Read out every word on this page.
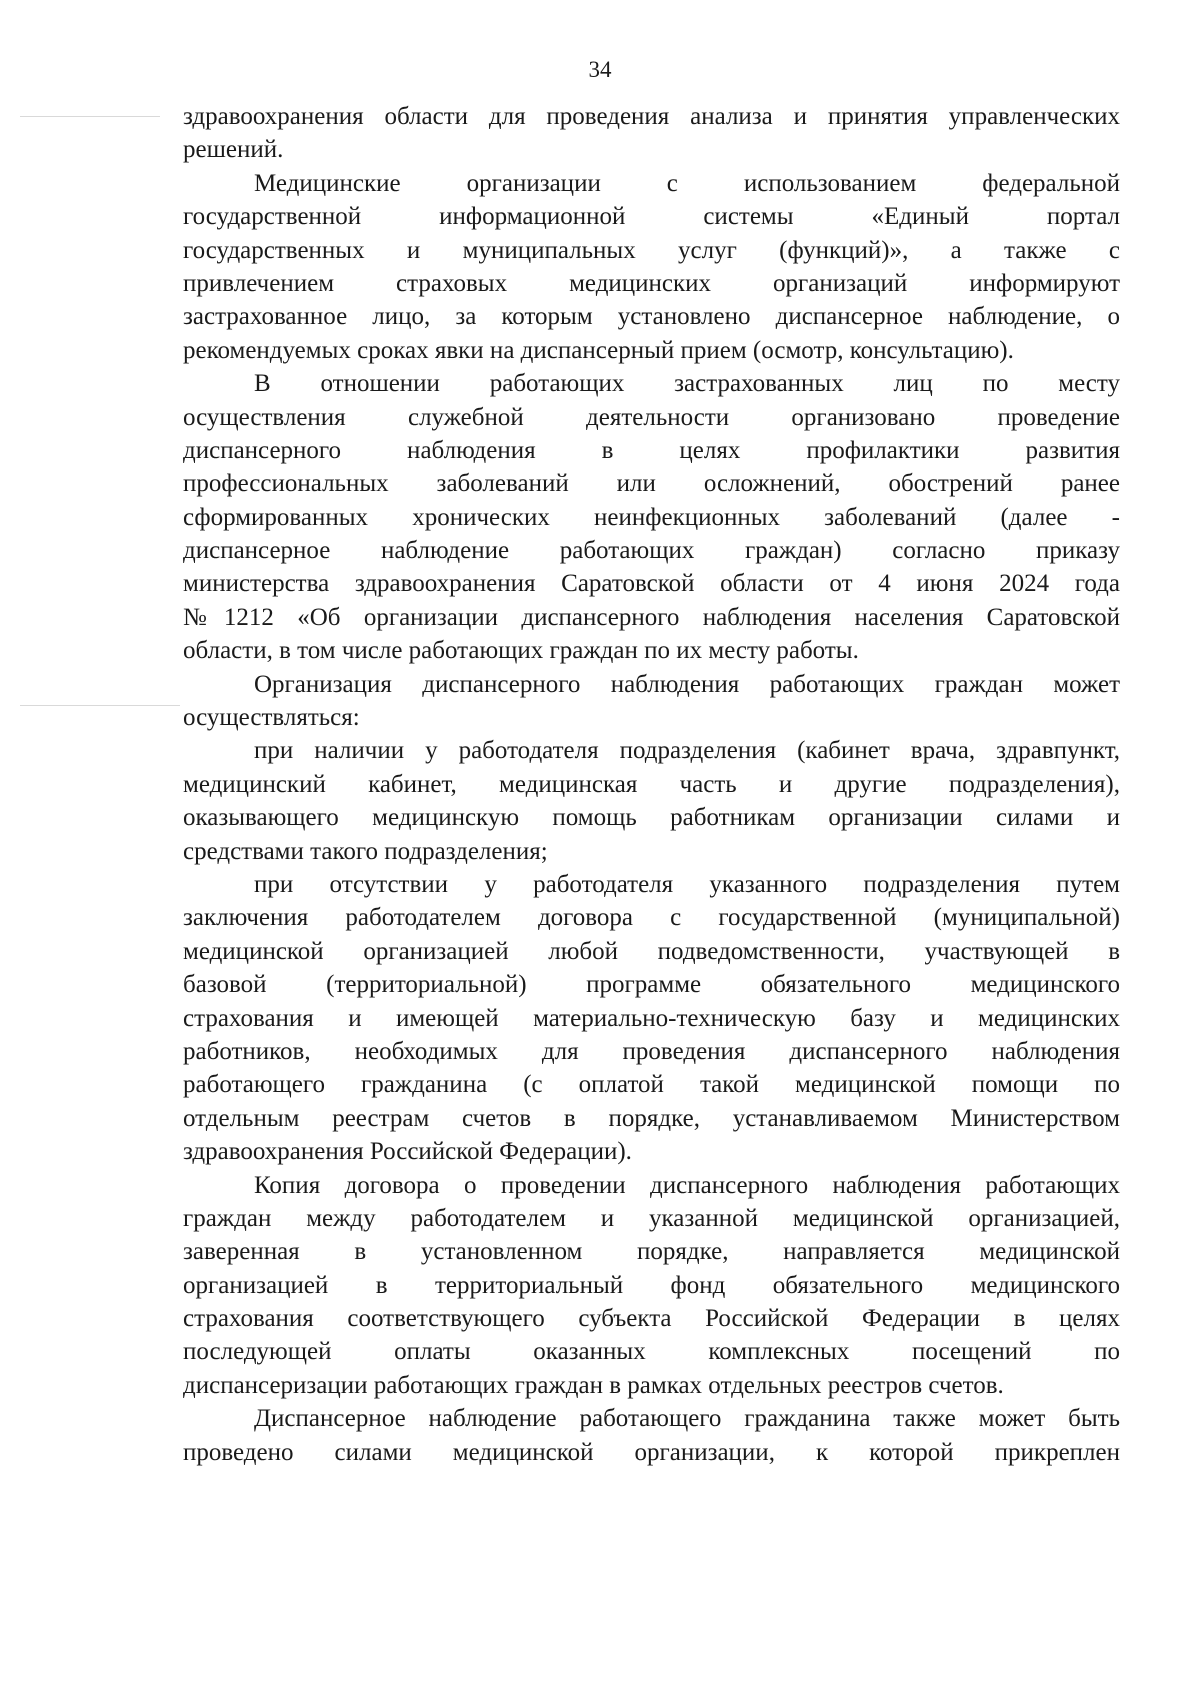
34
здравоохранения области для проведения анализа и принятия управленческих
решений.
Медицинские организации с использованием федеральной
государственной информационной системы «Единый портал
государственных и муниципальных услуг (функций)», а также с
привлечением страховых медицинских организаций информируют
застрахованное лицо, за которым установлено диспансерное наблюдение, о
рекомендуемых сроках явки на диспансерный прием (осмотр, консультацию).
В отношении работающих застрахованных лиц по месту
осуществления служебной деятельности организовано проведение
диспансерного наблюдения в целях профилактики развития
профессиональных заболеваний или осложнений, обострений ранее
сформированных хронических неинфекционных заболеваний (далее -
диспансерное наблюдение работающих граждан) согласно приказу
министерства здравоохранения Саратовской области от 4 июня 2024 года
№1212 «Об организации диспансерного наблюдения населения Саратовской
области, в том числе работающих граждан по их месту работы.
Организация диспансерного наблюдения работающих граждан может
осуществляться:
при наличии у работодателя подразделения (кабинет врача, здравпункт,
медицинский кабинет, медицинская часть и другие подразделения),
оказывающего медицинскую помощь работникам организации силами и
средствами такого подразделения;
при отсутствии у работодателя указанного подразделения путем
заключения работодателем договора с государственной (муниципальной)
медицинской организацией любой подведомственности, участвующей в
базовой (территориальной) программе обязательного медицинского
страхования и имеющей материально-техническую базу и медицинских
работников, необходимых для проведения диспансерного наблюдения
работающего гражданина (с оплатой такой медицинской помощи по
отдельным реестрам счетов в порядке, устанавливаемом Министерством
здравоохранения Российской Федерации).
Копия договора о проведении диспансерного наблюдения работающих
граждан между работодателем и указанной медицинской организацией,
заверенная в установленном порядке, направляется медицинской
организацией в территориальный фонд обязательного медицинского
страхования соответствующего субъекта Российской Федерации в целях
последующей оплаты оказанных комплексных посещений по
диспансеризации работающих граждан в рамках отдельных реестров счетов.
Диспансерное наблюдение работающего гражданина также может быть
проведено силами медицинской организации, к которой прикреплен
